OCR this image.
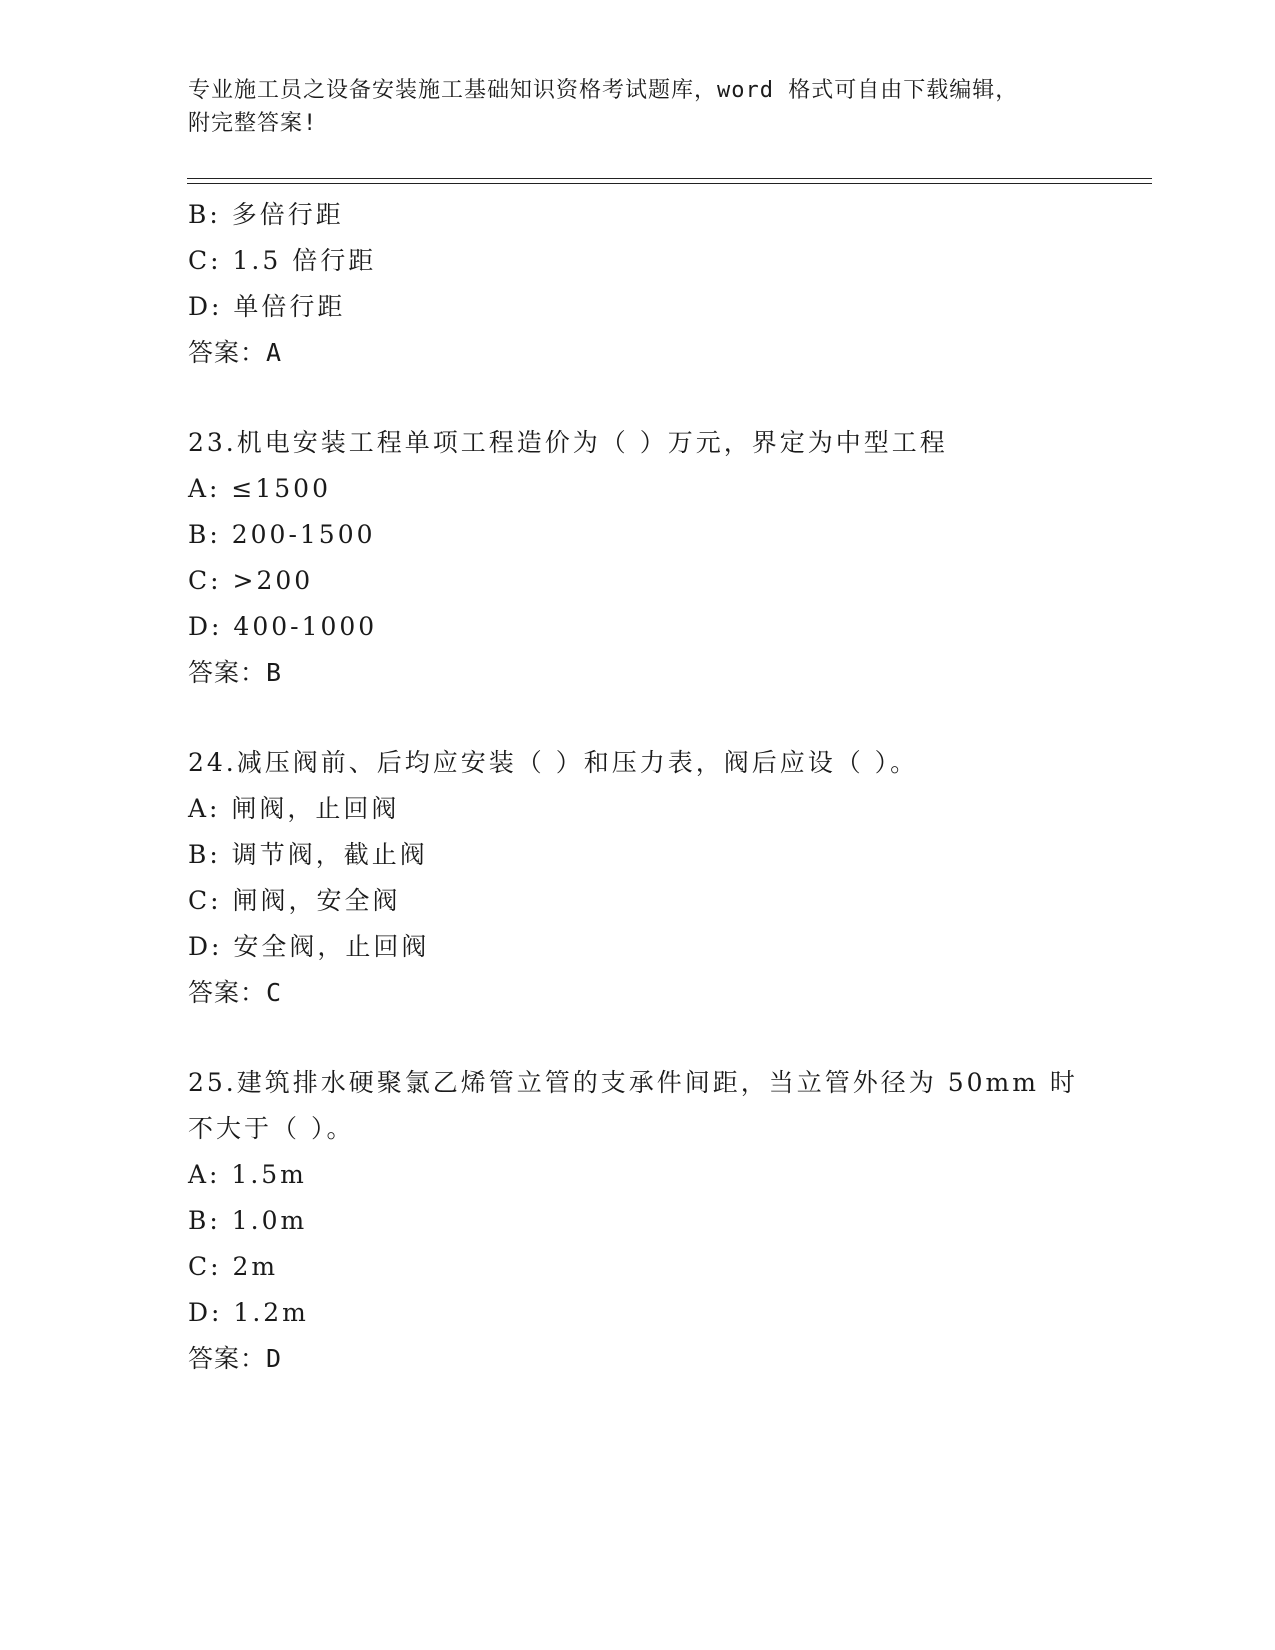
专业施工员之设备安装施工基础知识资格考试题库，word 格式可自由下载编辑，
附完整答案!
B: 多倍行距
C: 1.5 倍行距
D: 单倍行距
答案：A
23.机电安装工程单项工程造价为（ ）万元，界定为中型工程
A: ≤1500
B: 200-1500
C: >200
D: 400-1000
答案：B
24.减压阀前、后均应安装（ ）和压力表，阀后应设（ ）。
A: 闸阀，止回阀
B: 调节阀，截止阀
C: 闸阀，安全阀
D: 安全阀，止回阀
答案：C
25.建筑排水硬聚氯乙烯管立管的支承件间距，当立管外径为 50mm 时
不大于（ ）。
A: 1.5m
B: 1.0m
C: 2m
D: 1.2m
答案：D
